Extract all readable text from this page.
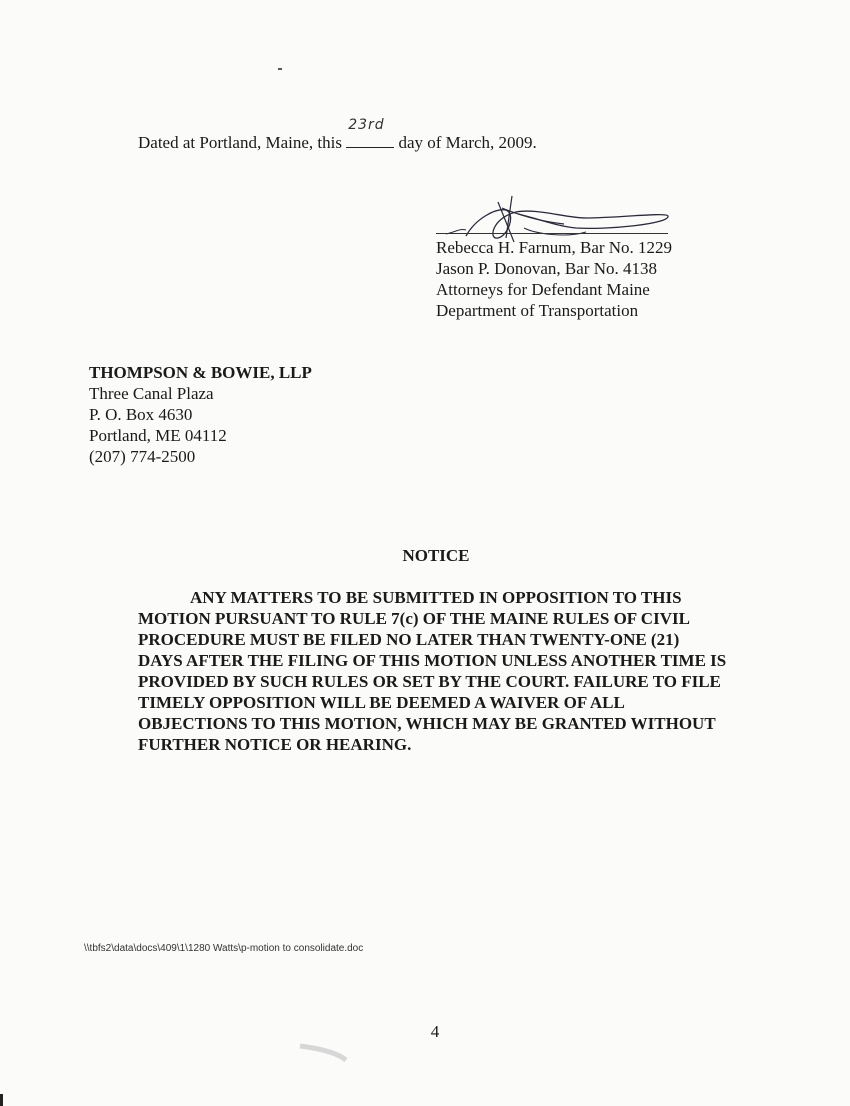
Dated at Portland, Maine, this
23rd
day of March, 2009.
Rebecca H. Farnum, Bar No. 1229
Jason P. Donovan, Bar No. 4138
Attorneys for Defendant Maine
Department of Transportation
THOMPSON & BOWIE, LLP
Three Canal Plaza
P. O. Box 4630
Portland, ME 04112
(207) 774-2500
NOTICE
ANY MATTERS TO BE SUBMITTED IN OPPOSITION TO THIS MOTION PURSUANT TO RULE 7(c) OF THE MAINE RULES OF CIVIL PROCEDURE MUST BE FILED NO LATER THAN TWENTY-ONE (21) DAYS AFTER THE FILING OF THIS MOTION UNLESS ANOTHER TIME IS PROVIDED BY SUCH RULES OR SET BY THE COURT. FAILURE TO FILE TIMELY OPPOSITION WILL BE DEEMED A WAIVER OF ALL OBJECTIONS TO THIS MOTION, WHICH MAY BE GRANTED WITHOUT FURTHER NOTICE OR HEARING.
\\tbfs2\data\docs\409\1\1280 Watts\p-motion to consolidate.doc
4
